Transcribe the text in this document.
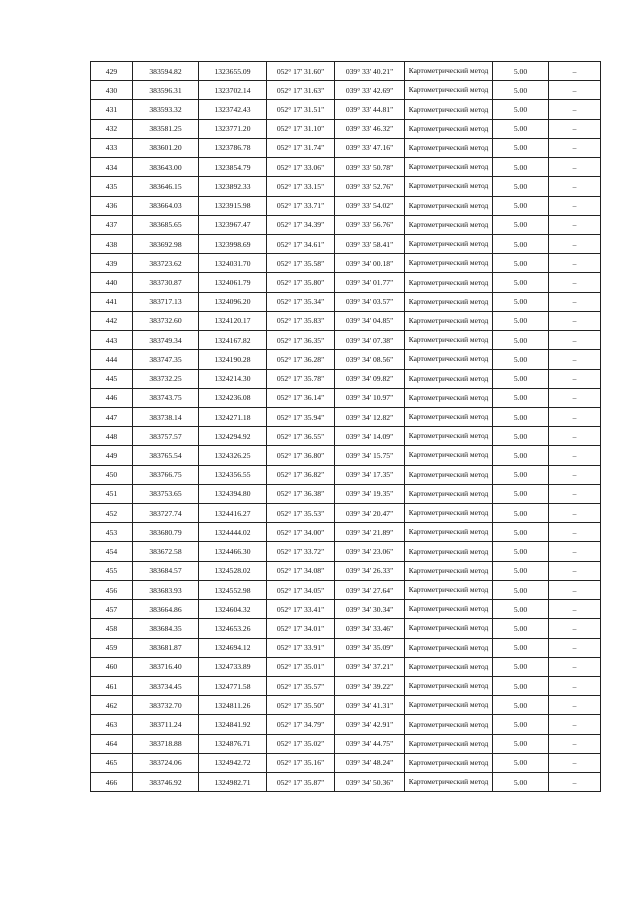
429	383594.82	1323655.09	052° 17' 31.60"	039° 33' 40.21"	Картометрический метод	5.00	–
430	383596.31	1323702.14	052° 17' 31.63"	039° 33' 42.69"	Картометрический метод	5.00	–
431	383593.32	1323742.43	052° 17' 31.51"	039° 33' 44.81"	Картометрический метод	5.00	–
432	383581.25	1323771.20	052° 17' 31.10"	039° 33' 46.32"	Картометрический метод	5.00	–
433	383601.20	1323786.78	052° 17' 31.74"	039° 33' 47.16"	Картометрический метод	5.00	–
434	383643.00	1323854.79	052° 17' 33.06"	039° 33' 50.78"	Картометрический метод	5.00	–
435	383646.15	1323892.33	052° 17' 33.15"	039° 33' 52.76"	Картометрический метод	5.00	–
436	383664.03	1323915.98	052° 17' 33.71"	039° 33' 54.02"	Картометрический метод	5.00	–
437	383685.65	1323967.47	052° 17' 34.39"	039° 33' 56.76"	Картометрический метод	5.00	–
438	383692.98	1323998.69	052° 17' 34.61"	039° 33' 58.41"	Картометрический метод	5.00	–
439	383723.62	1324031.70	052° 17' 35.58"	039° 34' 00.18"	Картометрический метод	5.00	–
440	383730.87	1324061.79	052° 17' 35.80"	039° 34' 01.77"	Картометрический метод	5.00	–
441	383717.13	1324096.20	052° 17' 35.34"	039° 34' 03.57"	Картометрический метод	5.00	–
442	383732.60	1324120.17	052° 17' 35.83"	039° 34' 04.85"	Картометрический метод	5.00	–
443	383749.34	1324167.82	052° 17' 36.35"	039° 34' 07.38"	Картометрический метод	5.00	–
444	383747.35	1324190.28	052° 17' 36.28"	039° 34' 08.56"	Картометрический метод	5.00	–
445	383732.25	1324214.30	052° 17' 35.78"	039° 34' 09.82"	Картометрический метод	5.00	–
446	383743.75	1324236.08	052° 17' 36.14"	039° 34' 10.97"	Картометрический метод	5.00	–
447	383738.14	1324271.18	052° 17' 35.94"	039° 34' 12.82"	Картометрический метод	5.00	–
448	383757.57	1324294.92	052° 17' 36.55"	039° 34' 14.09"	Картометрический метод	5.00	–
449	383765.54	1324326.25	052° 17' 36.80"	039° 34' 15.75"	Картометрический метод	5.00	–
450	383766.75	1324356.55	052° 17' 36.82"	039° 34' 17.35"	Картометрический метод	5.00	–
451	383753.65	1324394.80	052° 17' 36.38"	039° 34' 19.35"	Картометрический метод	5.00	–
452	383727.74	1324416.27	052° 17' 35.53"	039° 34' 20.47"	Картометрический метод	5.00	–
453	383680.79	1324444.02	052° 17' 34.00"	039° 34' 21.89"	Картометрический метод	5.00	–
454	383672.58	1324466.30	052° 17' 33.72"	039° 34' 23.06"	Картометрический метод	5.00	–
455	383684.57	1324528.02	052° 17' 34.08"	039° 34' 26.33"	Картометрический метод	5.00	–
456	383683.93	1324552.98	052° 17' 34.05"	039° 34' 27.64"	Картометрический метод	5.00	–
457	383664.86	1324604.32	052° 17' 33.41"	039° 34' 30.34"	Картометрический метод	5.00	–
458	383684.35	1324653.26	052° 17' 34.01"	039° 34' 33.46"	Картометрический метод	5.00	–
459	383681.87	1324694.12	052° 17' 33.91"	039° 34' 35.09"	Картометрический метод	5.00	–
460	383716.40	1324733.89	052° 17' 35.01"	039° 34' 37.21"	Картометрический метод	5.00	–
461	383734.45	1324771.58	052° 17' 35.57"	039° 34' 39.22"	Картометрический метод	5.00	–
462	383732.70	1324811.26	052° 17' 35.50"	039° 34' 41.31"	Картометрический метод	5.00	–
463	383711.24	1324841.92	052° 17' 34.79"	039° 34' 42.91"	Картометрический метод	5.00	–
464	383718.88	1324876.71	052° 17' 35.02"	039° 34' 44.75"	Картометрический метод	5.00	–
465	383724.06	1324942.72	052° 17' 35.16"	039° 34' 48.24"	Картометрический метод	5.00	–
466	383746.92	1324982.71	052° 17' 35.87"	039° 34' 50.36"	Картометрический метод	5.00	–
